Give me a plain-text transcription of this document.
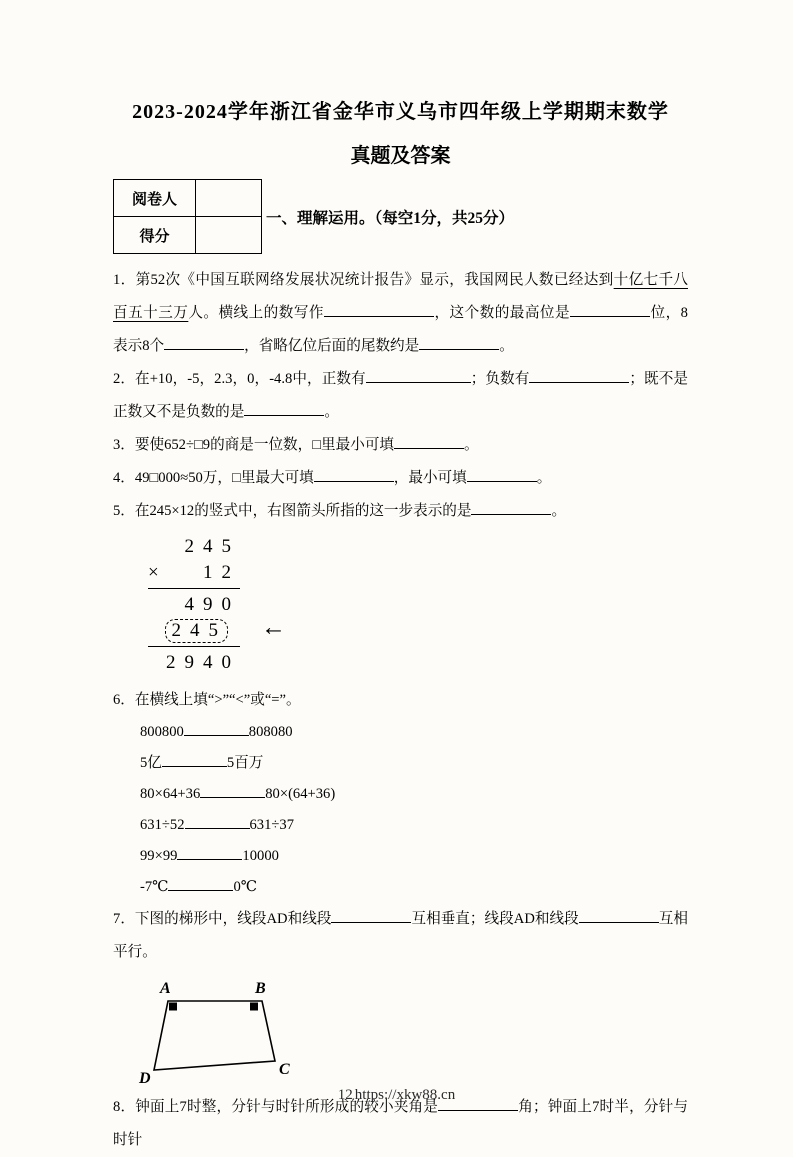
2023-2024学年浙江省金华市义乌市四年级上学期期末数学
真题及答案
阅卷人	
得分	
一、理解运用。（每空1分，共25分）

1．第52次《中国互联网络发展状况统计报告》显示，我国网民人数已经达到十亿七千八百五十三万人。横线上的数写作	，这个数的最高位是	位，8表示8个	，省略亿位后面的尾数约是	。

2．在+10，-5，2.3，0，-4.8中，正数有	；负数有	；既不是正数又不是负数的是	。

3．要使652÷□9的商是一位数，□里最小可填	。

4．49□000≈50万，□里最大可填	，最小可填	。

5．在245×12的竖式中，右图箭头所指的这一步表示的是	。

245
× 12
490
245 ←
2940

6．在横线上填“>”“<”或“=”。

800800	808080

5亿	5百万

80×64+36	80×(64+36)

631÷52	631÷37

99×99	10000

-7℃	0℃

7．下图的梯形中，线段AD和线段	互相垂直；线段AD和线段	互相平行。

A	B
C
D

8．钟面上7时整，分针与时针所形成的较小夹角是	角；钟面上7时半，分针与时针

12 https://xkw88.cn
